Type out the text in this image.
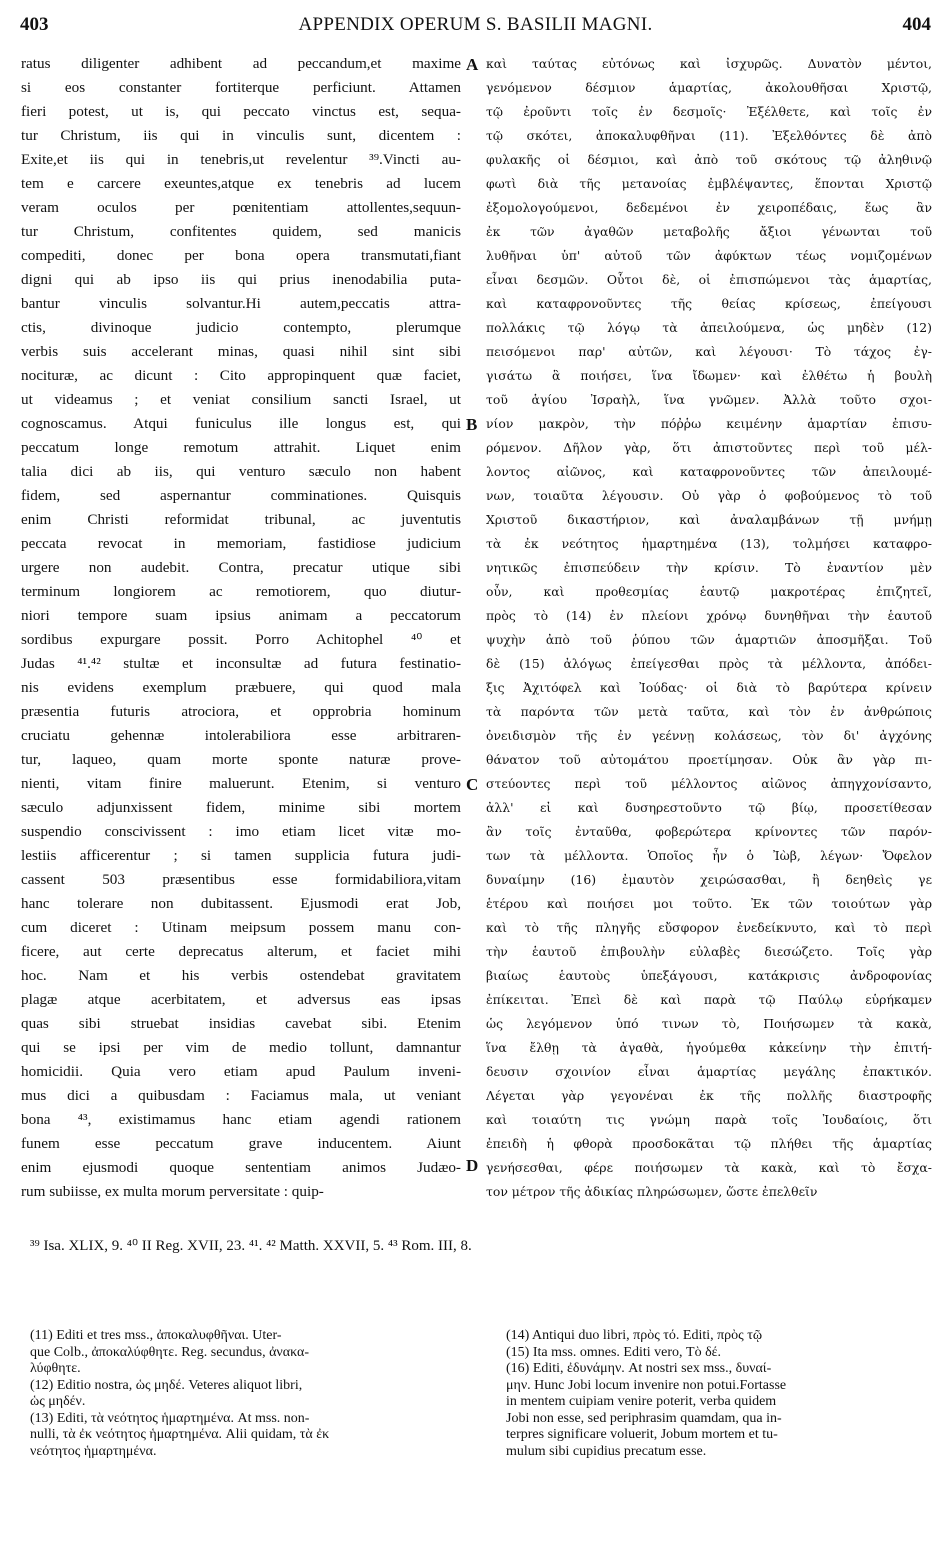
403	APPENDIX OPERUM S. BASILII MAGNI.	404
ratus diligenter adhibent ad peccandum,et maxime
si eos constanter fortiterque perficiunt. Attamen
fieri potest, ut is, qui peccato vinctus est, sequa-
tur Christum, iis qui in vinculis sunt, dicentem :
Exite,et iis qui in tenebris,ut revelentur ³⁹.Vincti au-
tem e carcere exeuntes,atque ex tenebris ad lucem
veram oculos per pœnitentiam attollentes,sequun-
tur Christum, confitentes quidem, sed manicis
compediti, donec per bona opera transmutati,fiant
digni qui ab ipso iis qui prius inenodabilia puta-
bantur vinculis solvantur.Hi autem,peccatis attra-
ctis, divinoque judicio contempto, plerumque
verbis suis accelerant minas, quasi nihil sint sibi
nocituræ, ac dicunt : Cito appropinquent quæ faciet,
ut videamus ; et veniat consilium sancti Israel, ut
cognoscamus. Atqui funiculus ille longus est, qui
peccatum longe remotum attrahit. Liquet enim
talia dici ab iis, qui venturo sæculo non habent
fidem, sed aspernantur comminationes. Quisquis
enim Christi reformidat tribunal, ac juventutis
peccata revocat in memoriam, fastidiose judicium
urgere non audebit. Contra, precatur utique sibi
terminum longiorem ac remotiorem, quo diutur-
niori tempore suam ipsius animam a peccatorum
sordibus expurgare possit. Porro Achitophel ⁴⁰ et
Judas ⁴¹.⁴² stultæ et inconsultæ ad futura festinatio-
nis evidens exemplum præbuere, qui quod mala
præsentia futuris atrociora, et opprobria hominum
cruciatu gehennæ intolerabiliora esse arbitraren-
tur, laqueo, quam morte sponte naturæ prove-
nienti, vitam finire maluerunt. Etenim, si venturo
sæculo adjunxissent fidem, minime sibi mortem
suspendio conscivissent : imo etiam licet vitæ mo-
lestiis afficerentur ; si tamen supplicia futura judi-
cassent 503 præsentibus esse formidabiliora,vitam
hanc tolerare non dubitassent. Ejusmodi erat Job,
cum diceret : Utinam meipsum possem manu con-
ficere, aut certe deprecatus alterum, et faciet mihi
hoc. Nam et his verbis ostendebat gravitatem
plagæ atque acerbitatem, et adversus eas ipsas
quas sibi struebat insidias cavebat sibi. Etenim
qui se ipsi per vim de medio tollunt, damnantur
homicidii. Quia vero etiam apud Paulum inveni-
mus dici a quibusdam : Faciamus mala, ut veniant
bona ⁴³, existimamus hanc etiam agendi rationem
funem esse peccatum grave inducentem. Aiunt
enim ejusmodi quoque sententiam animos Judæo-
rum subiisse, ex multa morum perversitate : quip-
καὶ ταύτας εὐτόνως καὶ ἰσχυρῶς. Δυνατὸν μέντοι,
γενόμενον δέσμιον ἁμαρτίας, ἀκολουθῆσαι Χριστῷ,
τῷ ἐροῦντι τοῖς ἐν δεσμοῖς· Ἐξέλθετε, καὶ τοῖς ἐν
τῷ σκότει, ἀποκαλυφθῆναι (11). Ἐξελθόντες δὲ ἀπὸ
φυλακῆς οἱ δέσμιοι, καὶ ἀπὸ τοῦ σκότους τῷ ἀληθινῷ
φωτὶ διὰ τῆς μετανοίας ἐμβλέψαντες, ἕπονται Χριστῷ
ἐξομολογούμενοι, δεδεμένοι ἐν χειροπέδαις, ἕως ἂν
ἐκ τῶν ἀγαθῶν μεταβολῆς ἄξιοι γένωνται τοῦ
λυθῆναι ὑπ' αὐτοῦ τῶν ἀφύκτων τέως νομιζομένων
εἶναι δεσμῶν. Οὗτοι δὲ, οἱ ἐπισπώμενοι τὰς ἁμαρτίας,
καὶ καταφρονοῦντες τῆς θείας κρίσεως, ἐπείγουσι
πολλάκις τῷ λόγῳ τὰ ἀπειλούμενα, ὡς μηδὲν (12)
πεισόμενοι παρ' αὐτῶν, καὶ λέγουσι· Τὸ τάχος ἐγ-
γισάτω ἃ ποιήσει, ἵνα ἴδωμεν· καὶ ἐλθέτω ἡ βουλὴ
τοῦ ἁγίου Ἰσραὴλ, ἵνα γνῶμεν. Ἀλλὰ τοῦτο σχοι-
νίον μακρὸν, τὴν πόῤῥω κειμένην ἁμαρτίαν ἐπισυ-
ρόμενον. Δῆλον γὰρ, ὅτι ἀπιστοῦντες περὶ τοῦ μέλ-
λοντος αἰῶνος, καὶ καταφρονοῦντες τῶν ἀπειλουμέ-
νων, τοιαῦτα λέγουσιν. Οὐ γὰρ ὁ φοβούμενος τὸ τοῦ
Χριστοῦ δικαστήριον, καὶ ἀναλαμβάνων τῇ μνήμῃ
τὰ ἐκ νεότητος ἡμαρτημένα (13), τολμήσει καταφρο-
νητικῶς ἐπισπεύδειν τὴν κρίσιν. Τὸ ἐναντίον μὲν
οὖν, καὶ προθεσμίας ἑαυτῷ μακροτέρας ἐπιζητεῖ,
πρὸς τὸ (14) ἐν πλείονι χρόνῳ δυνηθῆναι τὴν ἑαυτοῦ
ψυχὴν ἀπὸ τοῦ ῥύπου τῶν ἁμαρτιῶν ἀποσμῆξαι. Τοῦ
δὲ (15) ἀλόγως ἐπείγεσθαι πρὸς τὰ μέλλοντα, ἀπόδει-
ξις Ἀχιτόφελ καὶ Ἰούδας· οἱ διὰ τὸ βαρύτερα κρίνειν
τὰ παρόντα τῶν μετὰ ταῦτα, καὶ τὸν ἐν ἀνθρώποις
ὀνειδισμὸν τῆς ἐν γεέννῃ κολάσεως, τὸν δι' ἀγχόνης
θάνατον τοῦ αὐτομάτου προετίμησαν. Οὐκ ἂν γὰρ πι-
στεύοντες περὶ τοῦ μέλλοντος αἰῶνος ἀπηγχονίσαντο,
ἀλλ' εἰ καὶ δυσηρεστοῦντο τῷ βίῳ, προσετίθεσαν
ἂν τοῖς ἐνταῦθα, φοβερώτερα κρίνοντες τῶν παρόν-
των τὰ μέλλοντα. Ὁποῖος ἦν ὁ Ἰὼβ, λέγων· Ὄφελον
δυναίμην (16) ἐμαυτὸν χειρώσασθαι, ἢ δεηθεὶς γε
ἑτέρου καὶ ποιήσει μοι τοῦτο. Ἐκ τῶν τοιούτων γὰρ
καὶ τὸ τῆς πληγῆς εὔσφορον ἐνεδείκνυτο, καὶ τὸ περὶ
τὴν ἑαυτοῦ ἐπιβουλὴν εὐλαβὲς διεσώζετο. Τοῖς γὰρ
βιαίως ἑαυτοὺς ὑπεξάγουσι, κατάκρισις ἀνδροφονίας
ἐπίκειται. Ἐπεὶ δὲ καὶ παρὰ τῷ Παύλῳ εὑρήκαμεν
ὡς λεγόμενον ὑπό τινων τὸ, Ποιήσωμεν τὰ κακὰ,
ἵνα ἔλθῃ τὰ ἀγαθὰ, ἡγούμεθα κἀκείνην τὴν ἐπιτή-
δευσιν σχοινίον εἶναι ἁμαρτίας μεγάλης ἐπακτικόν.
Λέγεται γὰρ γεγονέναι ἐκ τῆς πολλῆς διαστροφῆς
καὶ τοιαύτη τις γνώμη παρὰ τοῖς Ἰουδαίοις, ὅτι
ἐπειδὴ ἡ φθορὰ προσδοκᾶται τῷ πλήθει τῆς ἁμαρτίας
γενήσεσθαι, φέρε ποιήσωμεν τὰ κακὰ, καὶ τὸ ἔσχα-
τον μέτρον τῆς ἀδικίας πληρώσωμεν, ὥστε ἐπελθεῖν
A
B
C
D
³⁹ Isa. XLIX, 9. ⁴⁰ II Reg. XVII, 23. ⁴¹. ⁴² Matth. XXVII, 5. ⁴³ Rom. III, 8.
(11) Editi et tres mss., ἀποκαλυφθῆναι. Uter-
que Colb., ἀποκαλύφθητε. Reg. secundus, ἀνακα-
λύφθητε.
(12) Editio nostra, ὡς μηδέ. Veteres aliquot libri,
ὡς μηδέν.
(13) Editi, τὰ νεότητος ἡμαρτημένα. At mss. non-
nulli, τὰ ἐκ νεότητος ἡμαρτημένα. Alii quidam, τὰ ἐκ
νεότητος ἡμαρτημένα.
(14) Antiqui duo libri, πρὸς τό. Editi, πρὸς τῷ
(15) Ita mss. omnes. Editi vero, Τὸ δέ.
(16) Editi, ἐδυνάμην. At nostri sex mss., δυναί-
μην. Hunc Jobi locum invenire non potui.Fortasse
in mentem cuipiam venire poterit, verba quidem
Jobi non esse, sed periphrasim quamdam, qua in-
terpres significare voluerit, Jobum mortem et tu-
mulum sibi cupidius precatum esse.
